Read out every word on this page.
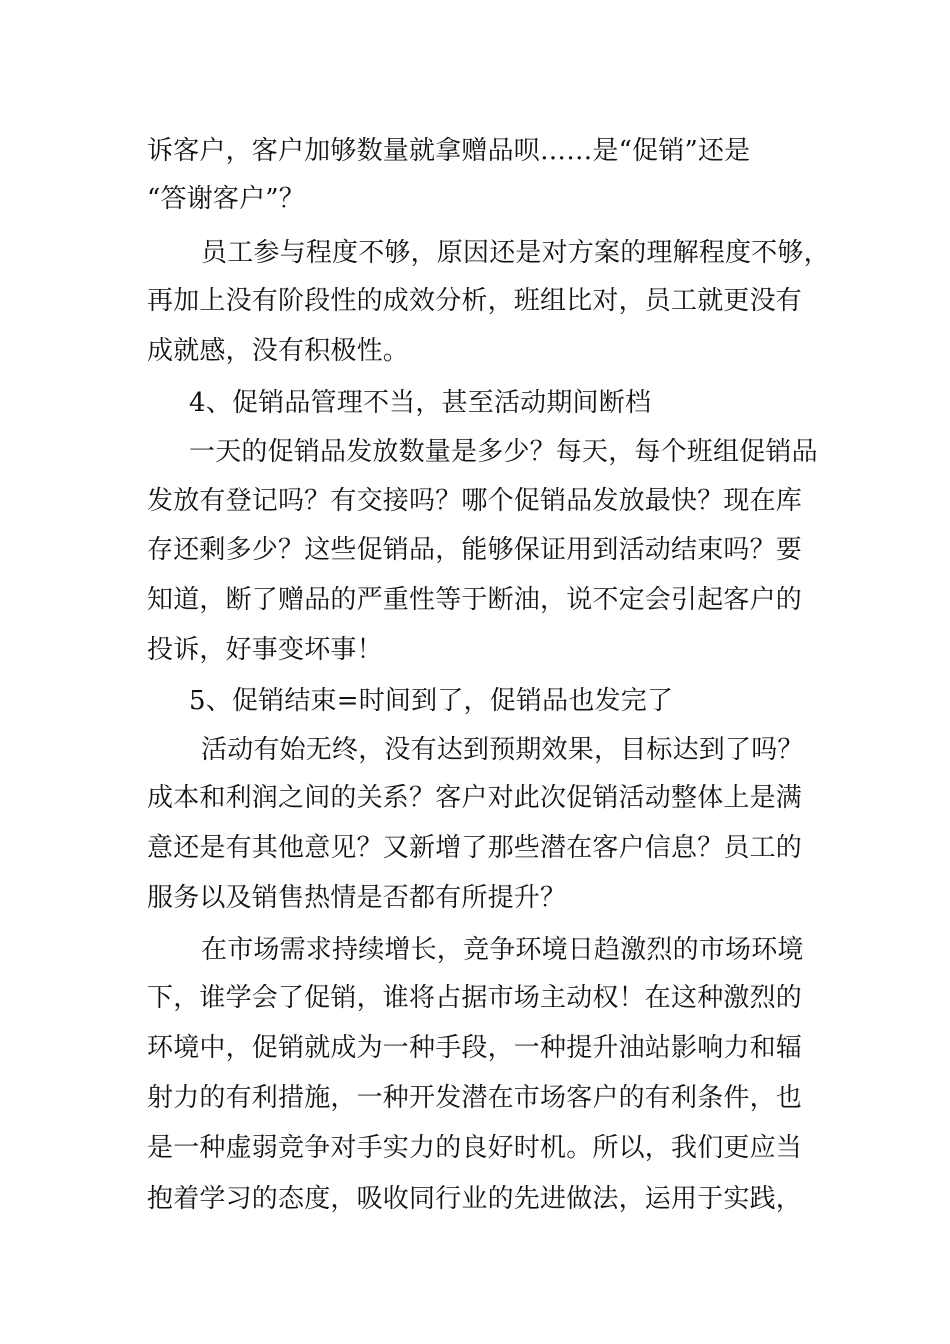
诉客户，客户加够数量就拿赠品呗……是“促销”还是
“答谢客户”？
员工参与程度不够，原因还是对方案的理解程度不够，
再加上没有阶段性的成效分析，班组比对，员工就更没有
成就感，没有积极性。
4、促销品管理不当，甚至活动期间断档
一天的促销品发放数量是多少？每天，每个班组促销品
发放有登记吗？有交接吗？哪个促销品发放最快？现在库
存还剩多少？这些促销品，能够保证用到活动结束吗？要
知道，断了赠品的严重性等于断油，说不定会引起客户的
投诉，好事变坏事！
5、促销结束=时间到了，促销品也发完了
活动有始无终，没有达到预期效果，目标达到了吗？
成本和利润之间的关系？客户对此次促销活动整体上是满
意还是有其他意见？又新增了那些潜在客户信息？员工的
服务以及销售热情是否都有所提升？
在市场需求持续增长，竞争环境日趋激烈的市场环境
下，谁学会了促销，谁将占据市场主动权！在这种激烈的
环境中，促销就成为一种手段，一种提升油站影响力和辐
射力的有利措施，一种开发潜在市场客户的有利条件，也
是一种虚弱竞争对手实力的良好时机。所以，我们更应当
抱着学习的态度，吸收同行业的先进做法，运用于实践，
